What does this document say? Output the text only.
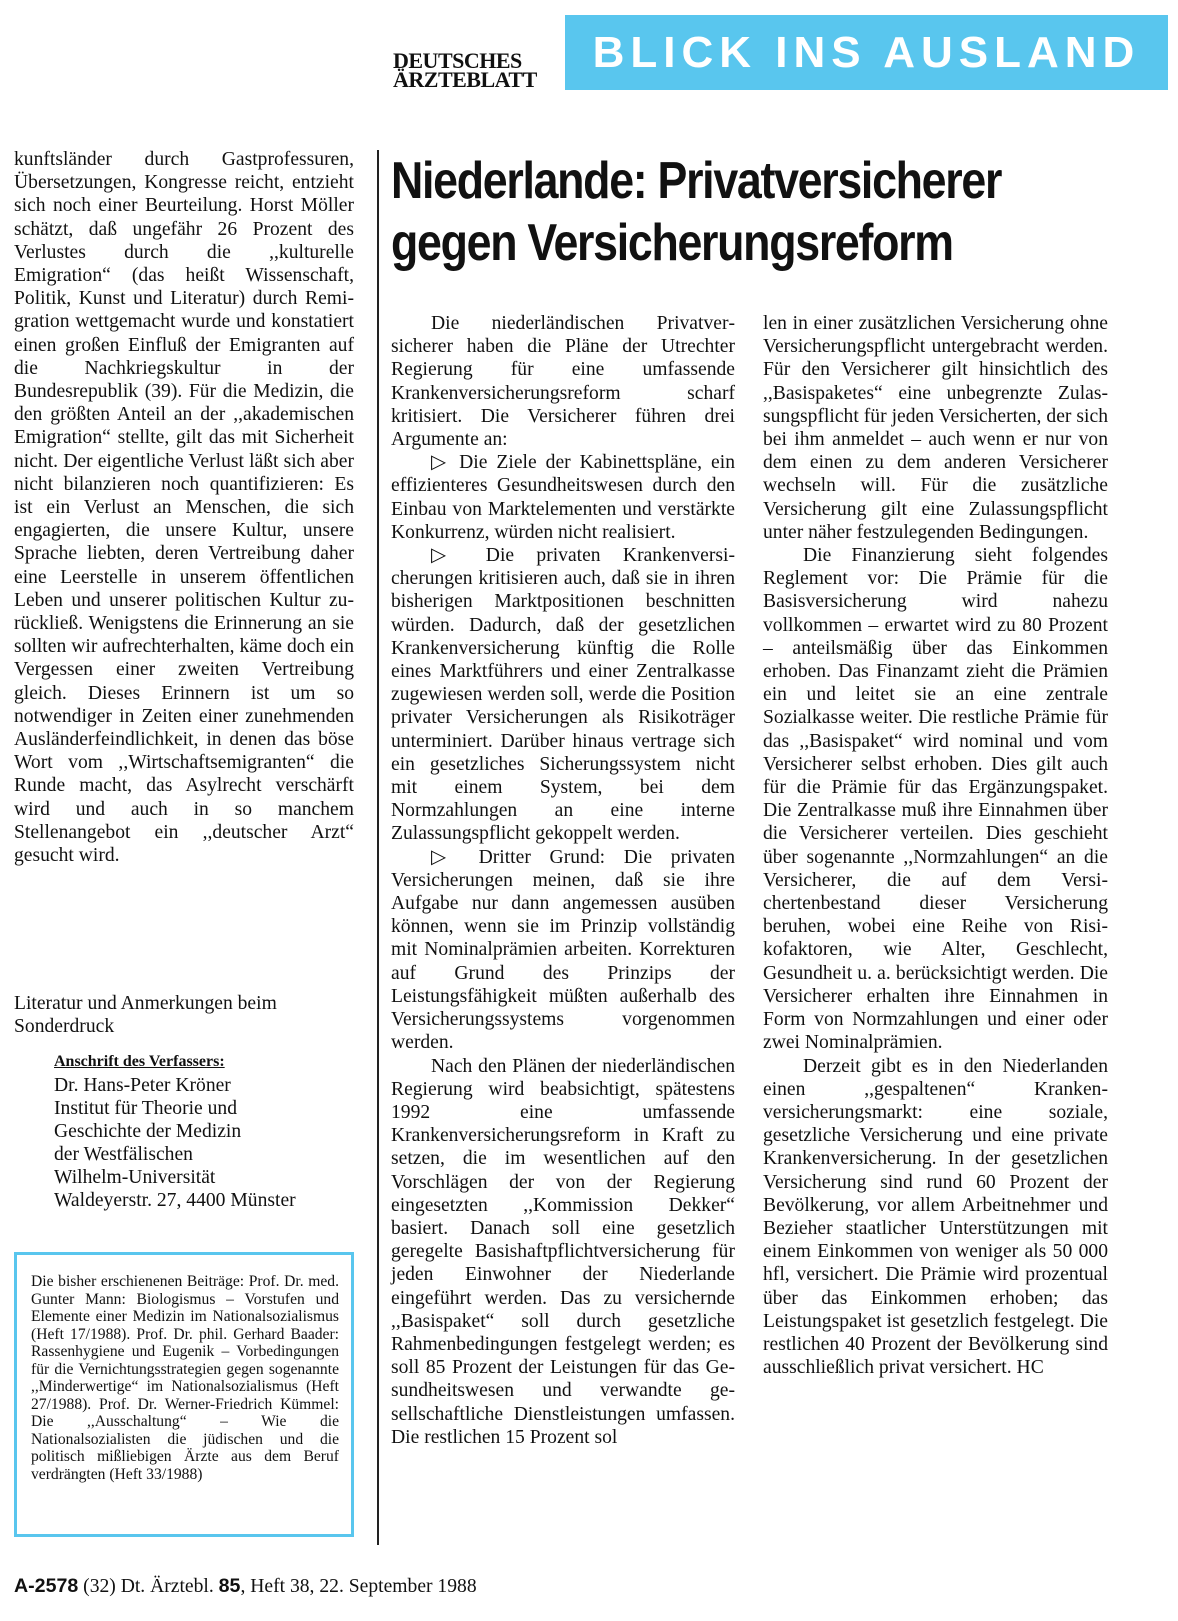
DEUTSCHES
ÄRZTEBLATT
BLICK INS AUSLAND

kunftsländer durch Gastprofessuren, Übersetzungen, Kongresse reicht, entzieht sich noch einer Beurteilung. Horst Möller schätzt, daß ungefähr 26 Prozent des Verlustes durch die ,,kulturelle Emigration“ (das heißt Wissenschaft, Politik, Kunst und Literatur) durch Remigration wettgemacht wurde und konstatiert einen großen Einfluß der Emigranten auf die Nachkriegskultur in der Bundesrepublik (39). Für die Medizin, die den größten Anteil an der ,,akademischen Emigration“ stellte, gilt das mit Sicherheit nicht. Der eigentliche Verlust läßt sich aber nicht bilanzieren noch quantifizieren: Es ist ein Verlust an Menschen, die sich engagierten, die unsere Kultur, unsere Sprache liebten, deren Vertreibung daher eine Leerstelle in unserem öffentlichen Leben und unserer politischen Kultur zurückließ. Wenigstens die Erinnerung an sie sollten wir aufrechterhalten, käme doch ein Vergessen einer zweiten Vertreibung gleich. Dieses Erinnern ist um so notwendiger in Zeiten einer zunehmenden Ausländerfeindlichkeit, in denen das böse Wort vom ,,Wirtschaftsemigranten“ die Runde macht, das Asylrecht verschärft wird und auch in so manchem Stellenangebot ein ,,deutscher Arzt“ gesucht wird.

Literatur und Anmerkungen beim Sonderdruck
Anschrift des Verfassers:
Dr. Hans-Peter Kröner
Institut für Theorie und
Geschichte der Medizin
der Westfälischen
Wilhelm-Universität
Waldeyerstr. 27, 4400 Münster
Die bisher erschienenen Beiträge: Prof. Dr. med. Gunter Mann: Biologismus – Vorstufen und Elemente einer Medizin im Nationalsozialismus (Heft 17/1988). Prof. Dr. phil. Gerhard Baader: Rassenhygiene und Eugenik – Vorbedingungen für die Vernichtungsstrategien gegen sogenannte ,,Minderwertige“ im Nationalsozialismus (Heft 27/1988). Prof. Dr. Werner-Friedrich Kümmel: Die ,,Ausschaltung“ – Wie die Nationalsozialisten die jüdischen und die politisch mißliebigen Ärzte aus dem Beruf verdrängten (Heft 33/1988)
Niederlande: Privatversicherer
gegen Versicherungsreform

Die niederländischen Privatversicherer haben die Pläne der Utrechter Regierung für eine umfassende Krankenversicherungsreform scharf kritisiert. Die Versicherer führen drei Argumente an:

▷ Die Ziele der Kabinettspläne, ein effizienteres Gesundheitswesen durch den Einbau von Marktelementen und verstärkte Konkurrenz, würden nicht realisiert.

▷ Die privaten Krankenversicherungen kritisieren auch, daß sie in ihren bisherigen Marktpositionen beschnitten würden. Dadurch, daß der gesetzlichen Krankenversicherung künftig die Rolle eines Marktführers und einer Zentralkasse zugewiesen werden soll, werde die Position privater Versicherungen als Risikoträger unterminiert. Darüber hinaus vertrage sich ein gesetzliches Sicherungssystem nicht mit einem System, bei dem Normzahlungen an eine interne Zulassungspflicht gekoppelt werden.

▷ Dritter Grund: Die privaten Versicherungen meinen, daß sie ihre Aufgabe nur dann angemessen ausüben können, wenn sie im Prinzip vollständig mit Nominalprämien arbeiten. Korrekturen auf Grund des Prinzips der Leistungsfähigkeit müßten außerhalb des Versicherungssystems vorgenommen werden.

Nach den Plänen der niederländischen Regierung wird beabsichtigt, spätestens 1992 eine umfassende Krankenversicherungsreform in Kraft zu setzen, die im wesentlichen auf den Vorschlägen der von der Regierung eingesetzten ,,Kommission Dekker“ basiert. Danach soll eine gesetzlich geregelte Basishaftpflichtversicherung für jeden Einwohner der Niederlande eingeführt werden. Das zu versichernde ,,Basispaket“ soll durch gesetzliche Rahmenbedingungen festgelegt werden; es soll 85 Prozent der Leistungen für das Gesundheitswesen und verwandte gesellschaftliche Dienstleistungen umfassen. Die restlichen 15 Prozent sol

len in einer zusätzlichen Versicherung ohne Versicherungspflicht untergebracht werden. Für den Versicherer gilt hinsichtlich des ,,Basispaketes“ eine unbegrenzte Zulassungspflicht für jeden Versicherten, der sich bei ihm anmeldet – auch wenn er nur von dem einen zu dem anderen Versicherer wechseln will. Für die zusätzliche Versicherung gilt eine Zulassungspflicht unter näher festzulegenden Bedingungen.

Die Finanzierung sieht folgendes Reglement vor: Die Prämie für die Basisversicherung wird nahezu vollkommen – erwartet wird zu 80 Prozent – anteilsmäßig über das Einkommen erhoben. Das Finanzamt zieht die Prämien ein und leitet sie an eine zentrale Sozialkasse weiter. Die restliche Prämie für das ,,Basispaket“ wird nominal und vom Versicherer selbst erhoben. Dies gilt auch für die Prämie für das Ergänzungspaket. Die Zentralkasse muß ihre Einnahmen über die Versicherer verteilen. Dies geschieht über sogenannte ,,Normzahlungen“ an die Versicherer, die auf dem Versichertenbestand dieser Versicherung beruhen, wobei eine Reihe von Risikofaktoren, wie Alter, Geschlecht, Gesundheit u. a. berücksichtigt werden. Die Versicherer erhalten ihre Einnahmen in Form von Normzahlungen und einer oder zwei Nominalprämien.

Derzeit gibt es in den Niederlanden einen ,,gespaltenen“ Krankenversicherungsmarkt: eine soziale, gesetzliche Versicherung und eine private Krankenversicherung. In der gesetzlichen Versicherung sind rund 60 Prozent der Bevölkerung, vor allem Arbeitnehmer und Bezieher staatlicher Unterstützungen mit einem Einkommen von weniger als 50 000 hfl, versichert. Die Prämie wird prozentual über das Einkommen erhoben; das Leistungspaket ist gesetzlich festgelegt. Die restlichen 40 Prozent der Bevölkerung sind ausschließlich privat versichert. HC

A-2578 (32) Dt. Ärztebl. 85, Heft 38, 22. September 1988
